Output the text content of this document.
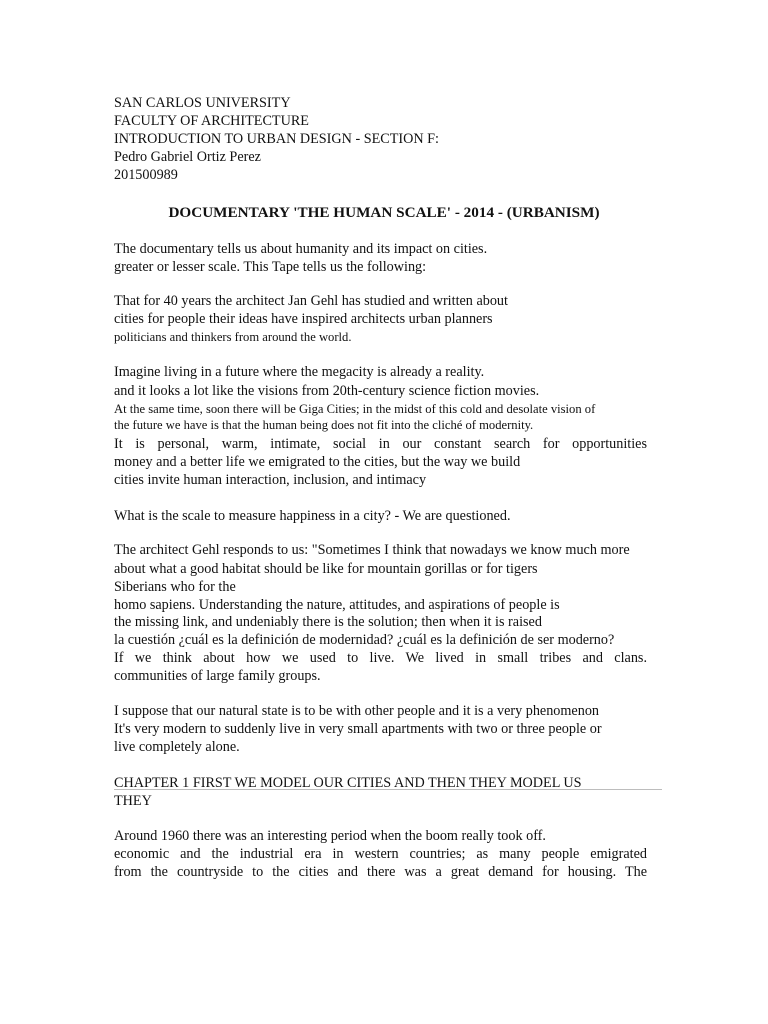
SAN CARLOS UNIVERSITY
FACULTY OF ARCHITECTURE
INTRODUCTION TO URBAN DESIGN - SECTION F:
Pedro Gabriel Ortiz Perez
201500989
DOCUMENTARY 'THE HUMAN SCALE' - 2014 - (URBANISM)
The documentary tells us about humanity and its impact on cities.
greater or lesser scale. This Tape tells us the following:
That for 40 years the architect Jan Gehl has studied and written about
cities for people their ideas have inspired architects urban planners
politicians and thinkers from around the world.
Imagine living in a future where the megacity is already a reality.
and it looks a lot like the visions from 20th-century science fiction movies.
At the same time, soon there will be Giga Cities; in the midst of this cold and desolate vision of
the future we have is that the human being does not fit into the cliché of modernity.
It is personal, warm, intimate, social in our constant search for opportunities
money and a better life we emigrated to the cities, but the way we build
cities invite human interaction, inclusion, and intimacy
What is the scale to measure happiness in a city? - We are questioned.
The architect Gehl responds to us: "Sometimes I think that nowadays we know much more
about what a good habitat should be like for mountain gorillas or for tigers
Siberians who for the
homo sapiens. Understanding the nature, attitudes, and aspirations of people is
the missing link, and undeniably there is the solution; then when it is raised
la cuestión ¿cuál es la definición de modernidad? ¿cuál es la definición de ser moderno?
If we think about how we used to live. We lived in small tribes and clans.
communities of large family groups.
I suppose that our natural state is to be with other people and it is a very phenomenon
It's very modern to suddenly live in very small apartments with two or three people or
live completely alone.
CHAPTER 1 FIRST WE MODEL OUR CITIES AND THEN THEY MODEL US
THEY
Around 1960 there was an interesting period when the boom really took off.
economic and the industrial era in western countries; as many people emigrated
from the countryside to the cities and there was a great demand for housing. The
